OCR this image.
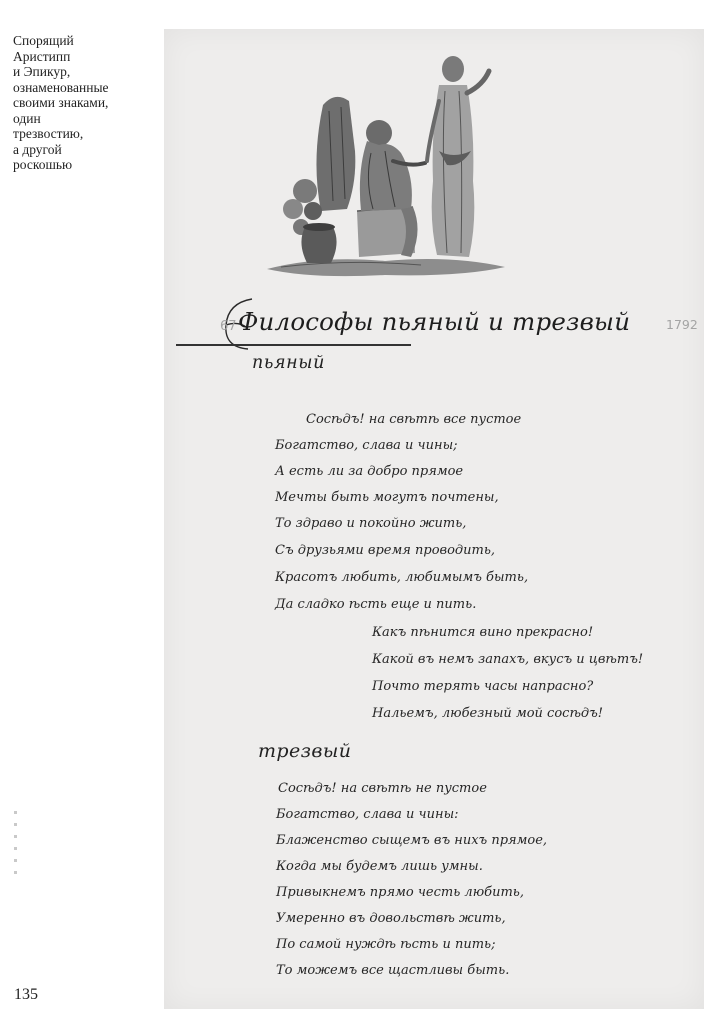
Спорящий
Аристипп
и Эпикур,
ознаменованные
своими знаками,
один
трезвостию,
а другой
роскошью
135
67 Философы пьяный и трезвый	1792
пьяный
Сосѣдъ! на свѣтѣ все пустое
Богатство, слава и чины;
А есть ли за добро прямое
Мечты быть могутъ почтены,
То здраво и покойно жить,
Съ друзьями время проводить,
Красотъ любить, любимымъ быть,
Да сладко ѣсть еще и пить.
Какъ пѣнится вино прекрасно!
Какой въ немъ запахъ, вкусъ и цвѣтъ!
Почто терять часы напрасно?
Нальемъ, любезный мой сосѣдъ!
трезвый
Сосѣдъ! на свѣтѣ не пустое
Богатство, слава и чины:
Блаженство сыщемъ въ нихъ прямое,
Когда мы будемъ лишь умны.
Привыкнемъ прямо честь любить,
Умеренно въ довольствѣ жить,
По самой нуждѣ ѣсть и пить;
То можемъ все щастливы быть.
